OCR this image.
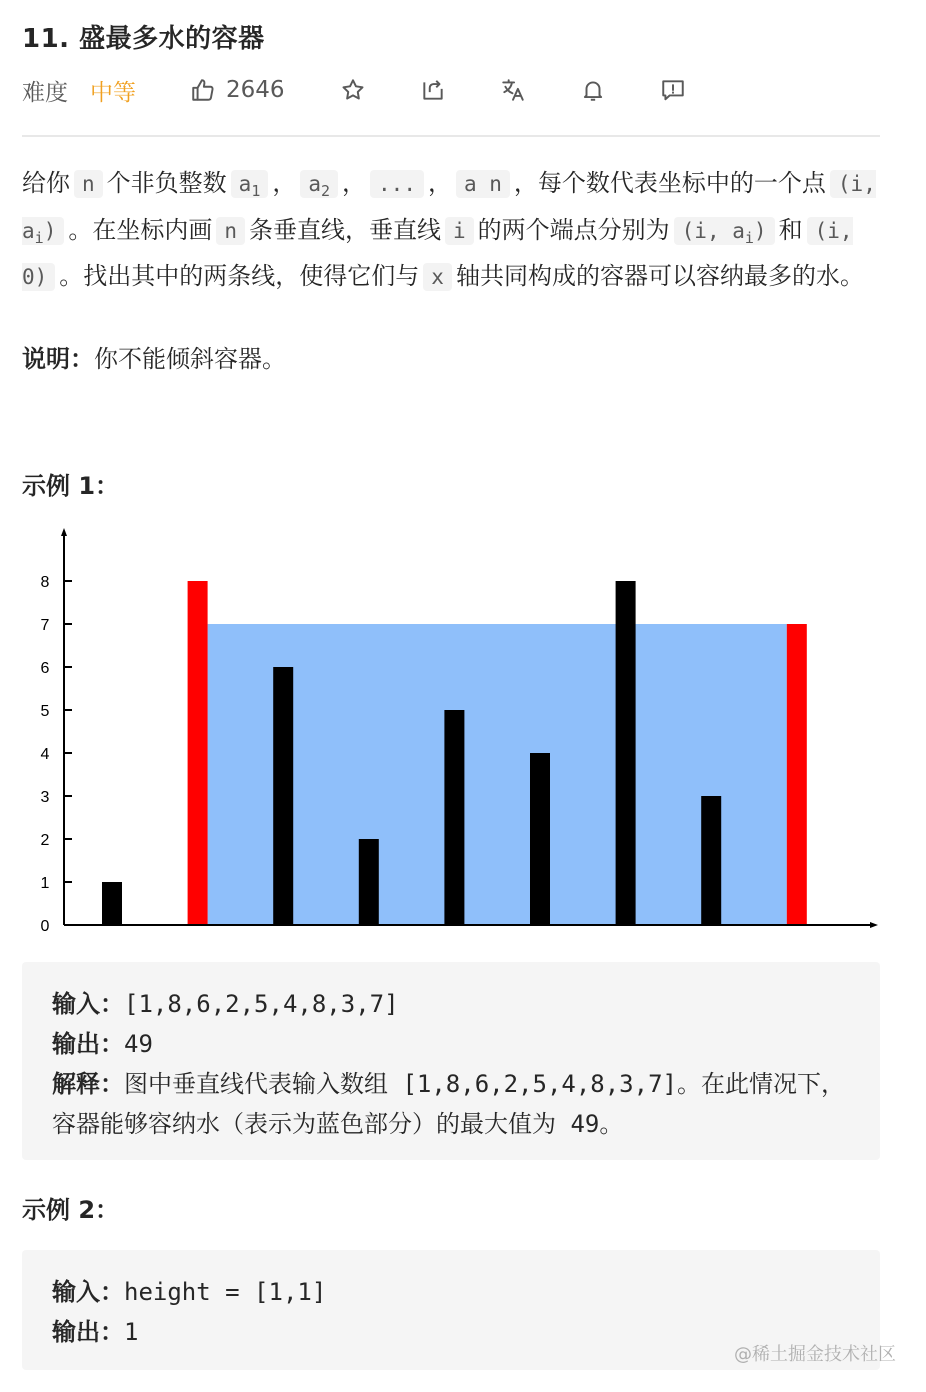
11. 盛最多水的容器
难度 中等	2646
给你 n 个非负整数 $a_1$ ， $a_2$ ， ... ， a n ，每个数代表坐标中的一个点 (i, $a_i$) 。在坐标内画 n 条垂直线，垂直线 i 的两个端点分别为 (i, $a_i$) 和 (i, 0) 。找出其中的两条线，使得它们与 x 轴共同构成的容器可以容纳最多的水。
说明：你不能倾斜容器。
示例 1：
0
1
2
3
4
5
6
7
8
输入：[1,8,6,2,5,4,8,3,7]
输出：49
解释：图中垂直线代表输入数组 [1,8,6,2,5,4,8,3,7]。在此情况下，容器能够容纳水（表示为蓝色部分）的最大值为 49。
示例 2：
输入：height = [1,1]
输出：1
@稀土掘金技术社区
